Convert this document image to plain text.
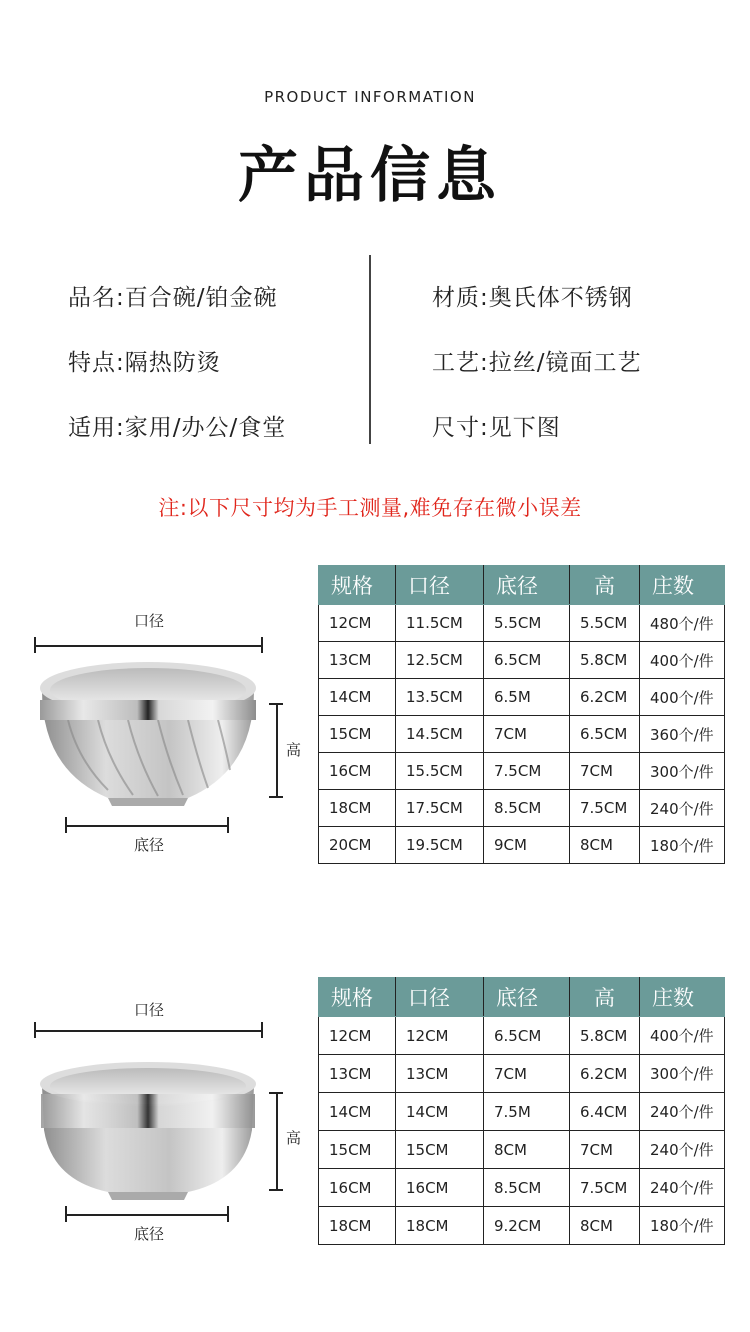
PRODUCT INFORMATION
产品信息
品名:百合碗/铂金碗
特点:隔热防烫
适用:家用/办公/食堂
材质:奥氏体不锈钢
工艺:拉丝/镜面工艺
尺寸:见下图
注:以下尺寸均为手工测量,难免存在微小误差
口径
高
底径
规格	口径	底径	高	庄数
12CM	11.5CM	5.5CM	5.5CM	480个/件
13CM	12.5CM	6.5CM	5.8CM	400个/件
14CM	13.5CM	6.5M	6.2CM	400个/件
15CM	14.5CM	7CM	6.5CM	360个/件
16CM	15.5CM	7.5CM	7CM	300个/件
18CM	17.5CM	8.5CM	7.5CM	240个/件
20CM	19.5CM	9CM	8CM	180个/件
口径
高
底径
规格	口径	底径	高	庄数
12CM	12CM	6.5CM	5.8CM	400个/件
13CM	13CM	7CM	6.2CM	300个/件
14CM	14CM	7.5M	6.4CM	240个/件
15CM	15CM	8CM	7CM	240个/件
16CM	16CM	8.5CM	7.5CM	240个/件
18CM	18CM	9.2CM	8CM	180个/件
